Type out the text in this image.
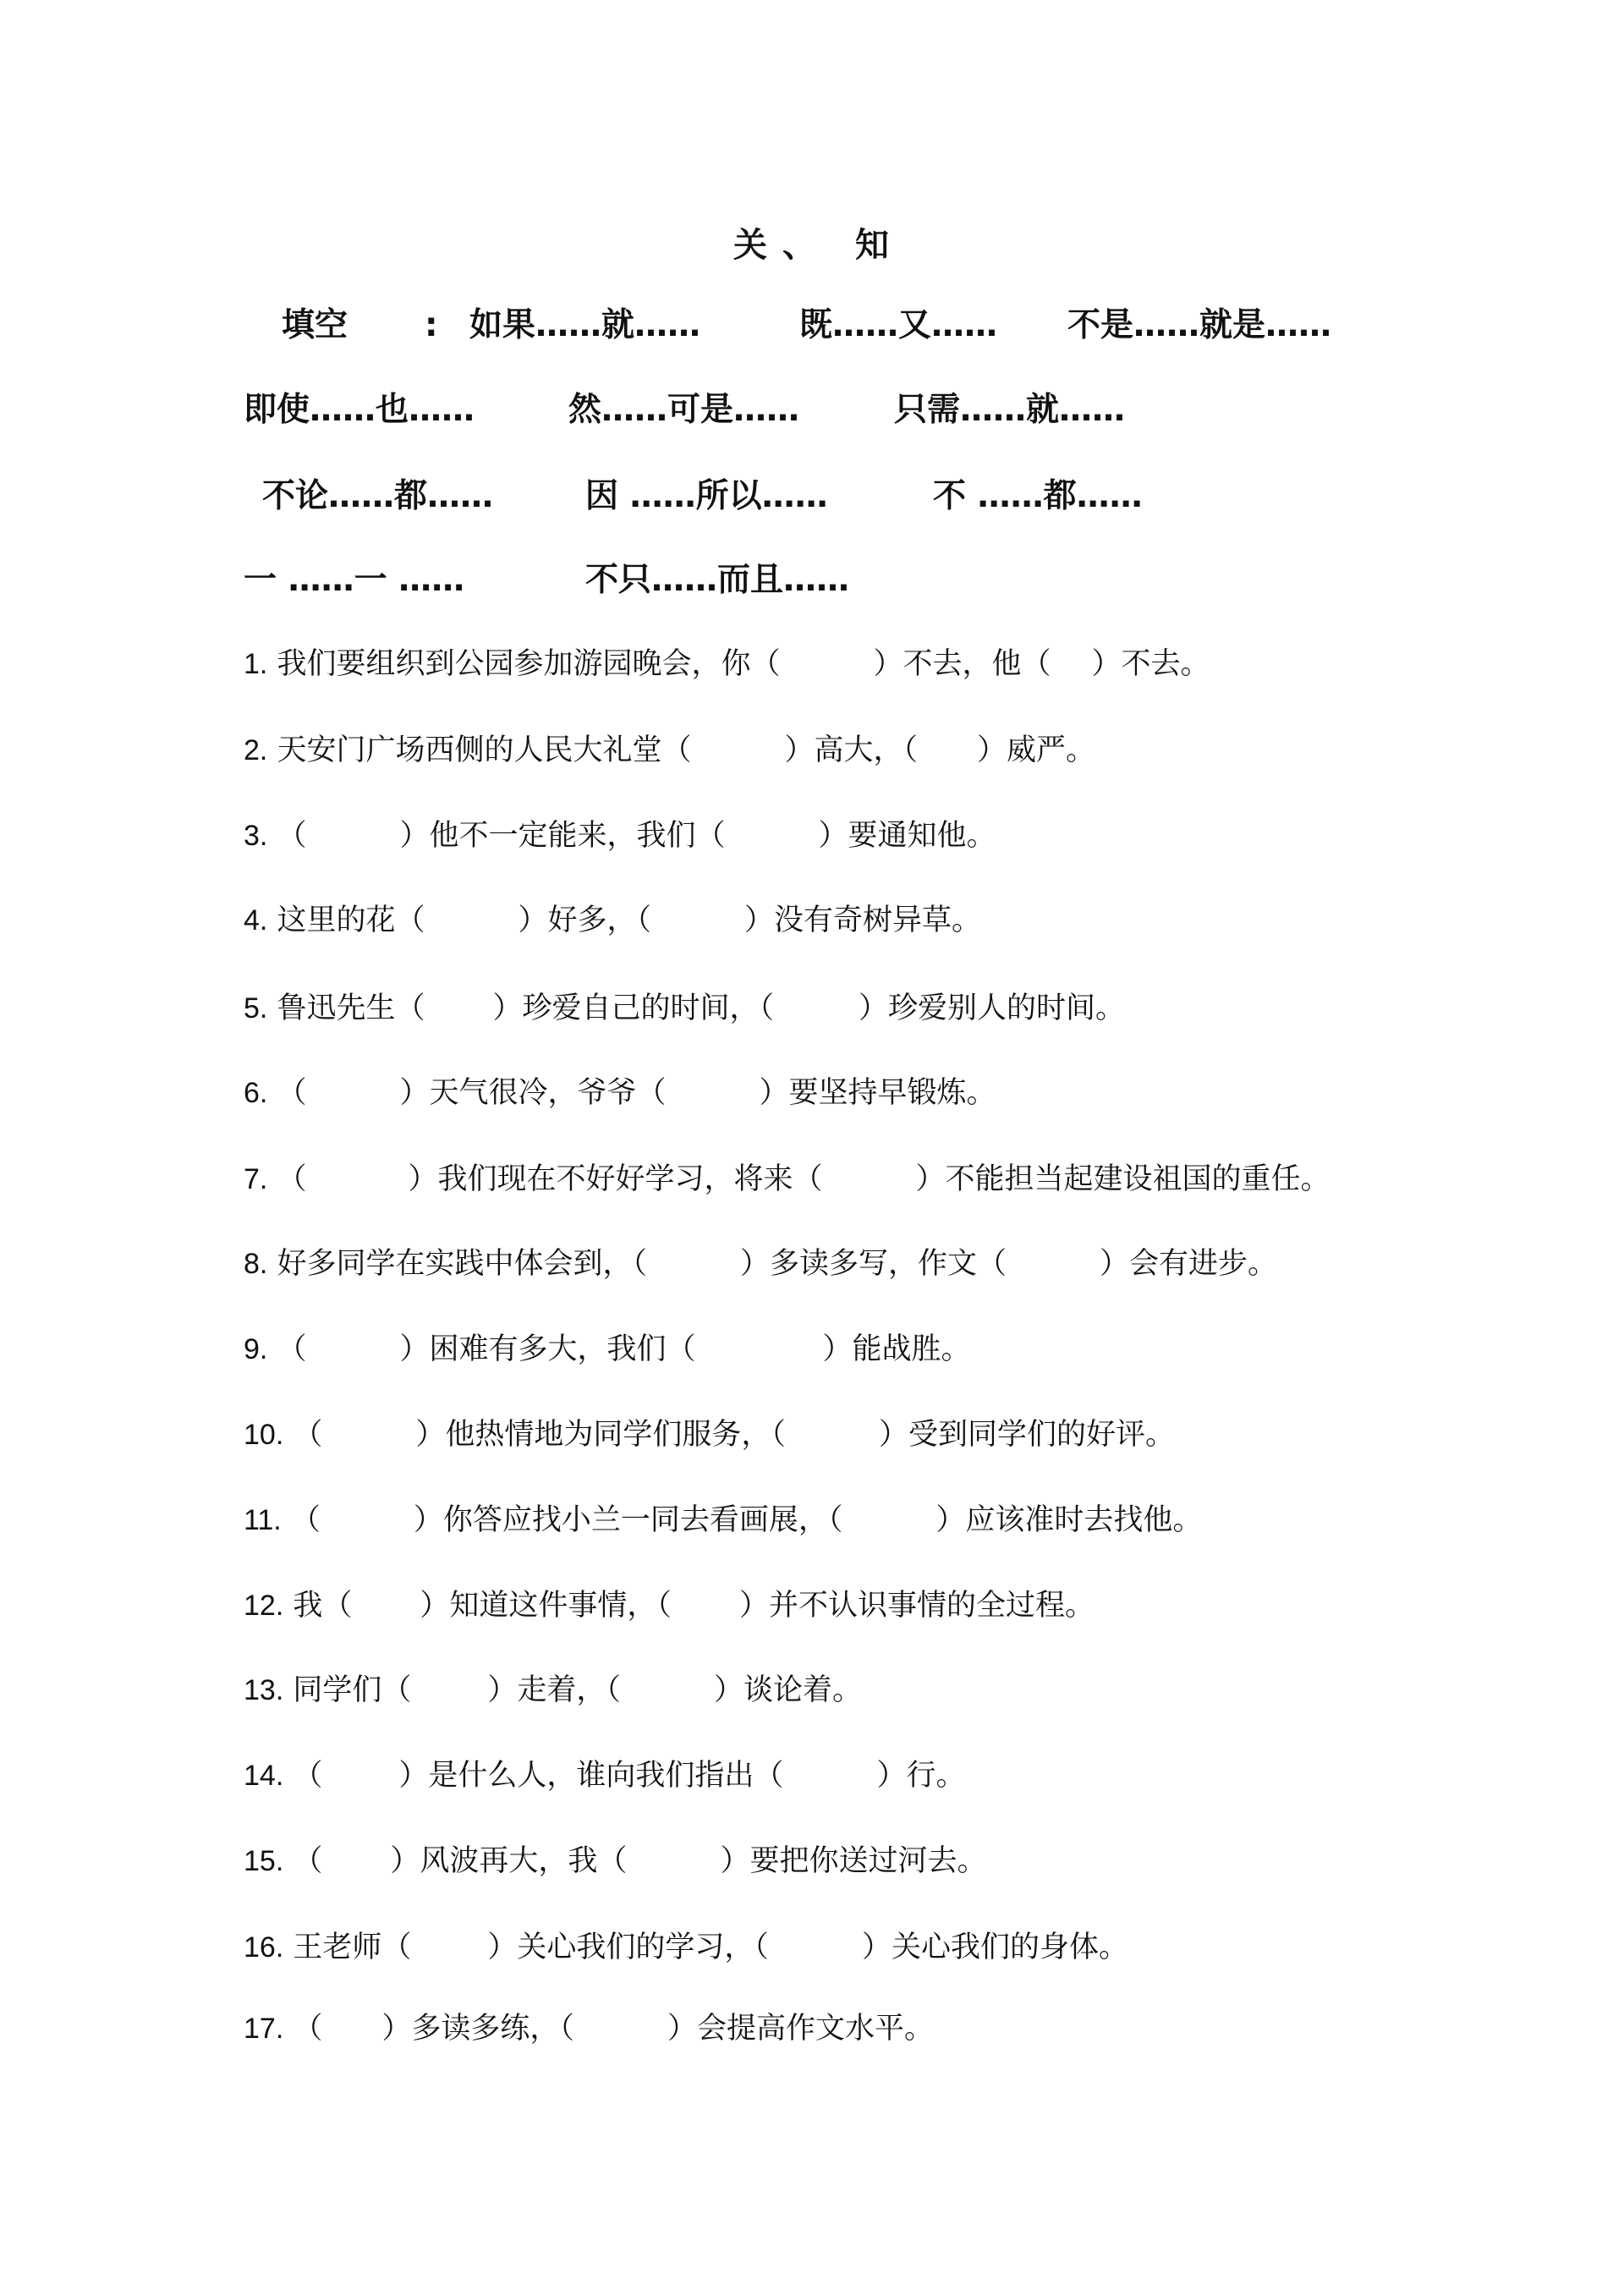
关 、 知
填空 : 如果……就……	既……又…… 不是……就是……
即使……也……	然……可是……	只需……就……
不论……都……	因 ……所以……	不 ……都……
一 ……一 ……	不只……而且……
1. 我们要组织到公园参加游园晚会，你（	）不去，他（ ）不去。
2. 天安门广场西侧的人民大礼堂（	）高大，（ ）威严。
3. （	）他不一定能来，我们（	）要通知他。
4. 这里的花（	）好多，（	）没有奇树异草。
5. 鲁迅先生（ ）珍爱自己的时间，（	）珍爱别人的时间。
6. （	）天气很冷，爷爷（	）要坚持早锻炼。
7. （	）我们现在不好好学习，将来（	）不能担当起建设祖国的重任。
8. 好多同学在实践中体会到，（	）多读多写，作文（	）会有进步。
9. （	）困难有多大，我们（	）能战胜。
10. （	）他热情地为同学们服务，（	）受到同学们的好评。
11. （	）你答应找小兰一同去看画展，（	）应该准时去找他。
12. 我（ ）知道这件事情，（ ）并不认识事情的全过程。
13. 同学们（	）走着，（	）谈论着。
14. （	）是什么人，谁向我们指出（	）行。
15. （ ）风波再大，我（	）要把你送过河去。
16. 王老师（	）关心我们的学习，（	）关心我们的身体。
17. （ ）多读多练，（	）会提高作文水平。
